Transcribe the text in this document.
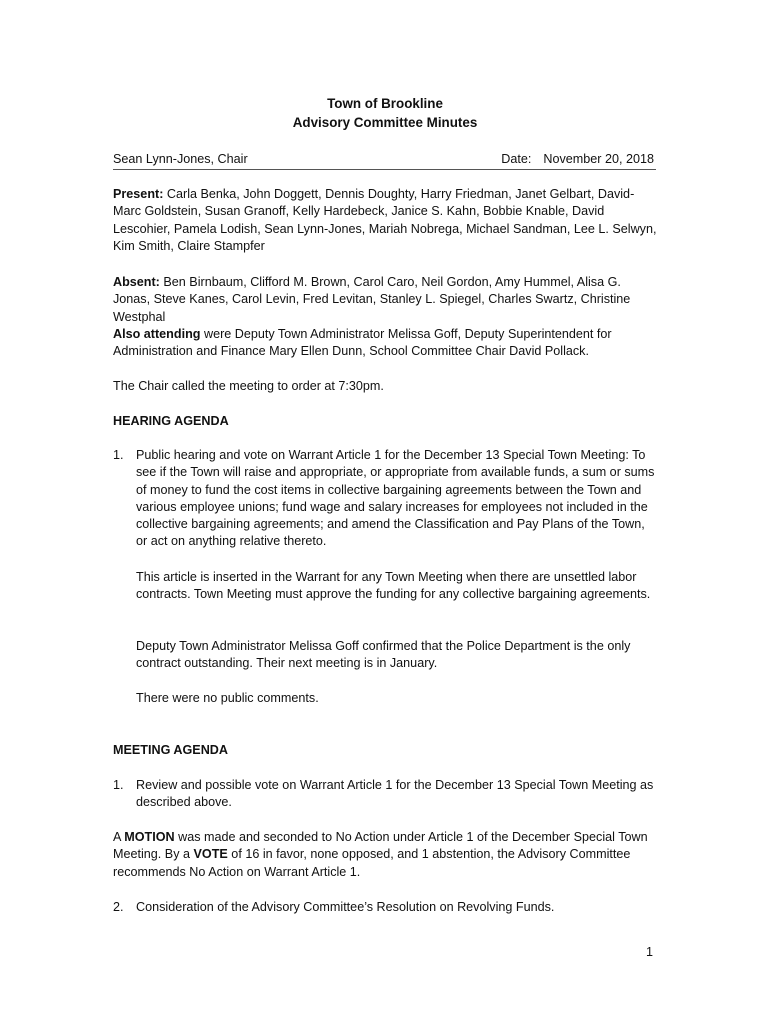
Town of Brookline
Advisory Committee Minutes
Sean Lynn-Jones, Chair	Date: November 20, 2018
Present: Carla Benka, John Doggett, Dennis Doughty, Harry Friedman, Janet Gelbart, David-Marc Goldstein, Susan Granoff, Kelly Hardebeck, Janice S. Kahn, Bobbie Knable, David Lescohier, Pamela Lodish, Sean Lynn-Jones, Mariah Nobrega, Michael Sandman, Lee L. Selwyn, Kim Smith, Claire Stampfer
Absent: Ben Birnbaum, Clifford M. Brown, Carol Caro, Neil Gordon, Amy Hummel, Alisa G. Jonas, Steve Kanes, Carol Levin, Fred Levitan, Stanley L. Spiegel, Charles Swartz, Christine Westphal
Also attending were Deputy Town Administrator Melissa Goff, Deputy Superintendent for Administration and Finance Mary Ellen Dunn, School Committee Chair David Pollack.
The Chair called the meeting to order at 7:30pm.
HEARING AGENDA
1. Public hearing and vote on Warrant Article 1 for the December 13 Special Town Meeting: To see if the Town will raise and appropriate, or appropriate from available funds, a sum or sums of money to fund the cost items in collective bargaining agreements between the Town and various employee unions; fund wage and salary increases for employees not included in the collective bargaining agreements; and amend the Classification and Pay Plans of the Town, or act on anything relative thereto.
This article is inserted in the Warrant for any Town Meeting when there are unsettled labor contracts. Town Meeting must approve the funding for any collective bargaining agreements.
Deputy Town Administrator Melissa Goff confirmed that the Police Department is the only contract outstanding. Their next meeting is in January.
There were no public comments.
MEETING AGENDA
1. Review and possible vote on Warrant Article 1 for the December 13 Special Town Meeting as described above.
A MOTION was made and seconded to No Action under Article 1 of the December Special Town Meeting. By a VOTE of 16 in favor, none opposed, and 1 abstention, the Advisory Committee recommends No Action on Warrant Article 1.
2. Consideration of the Advisory Committee’s Resolution on Revolving Funds.
1
